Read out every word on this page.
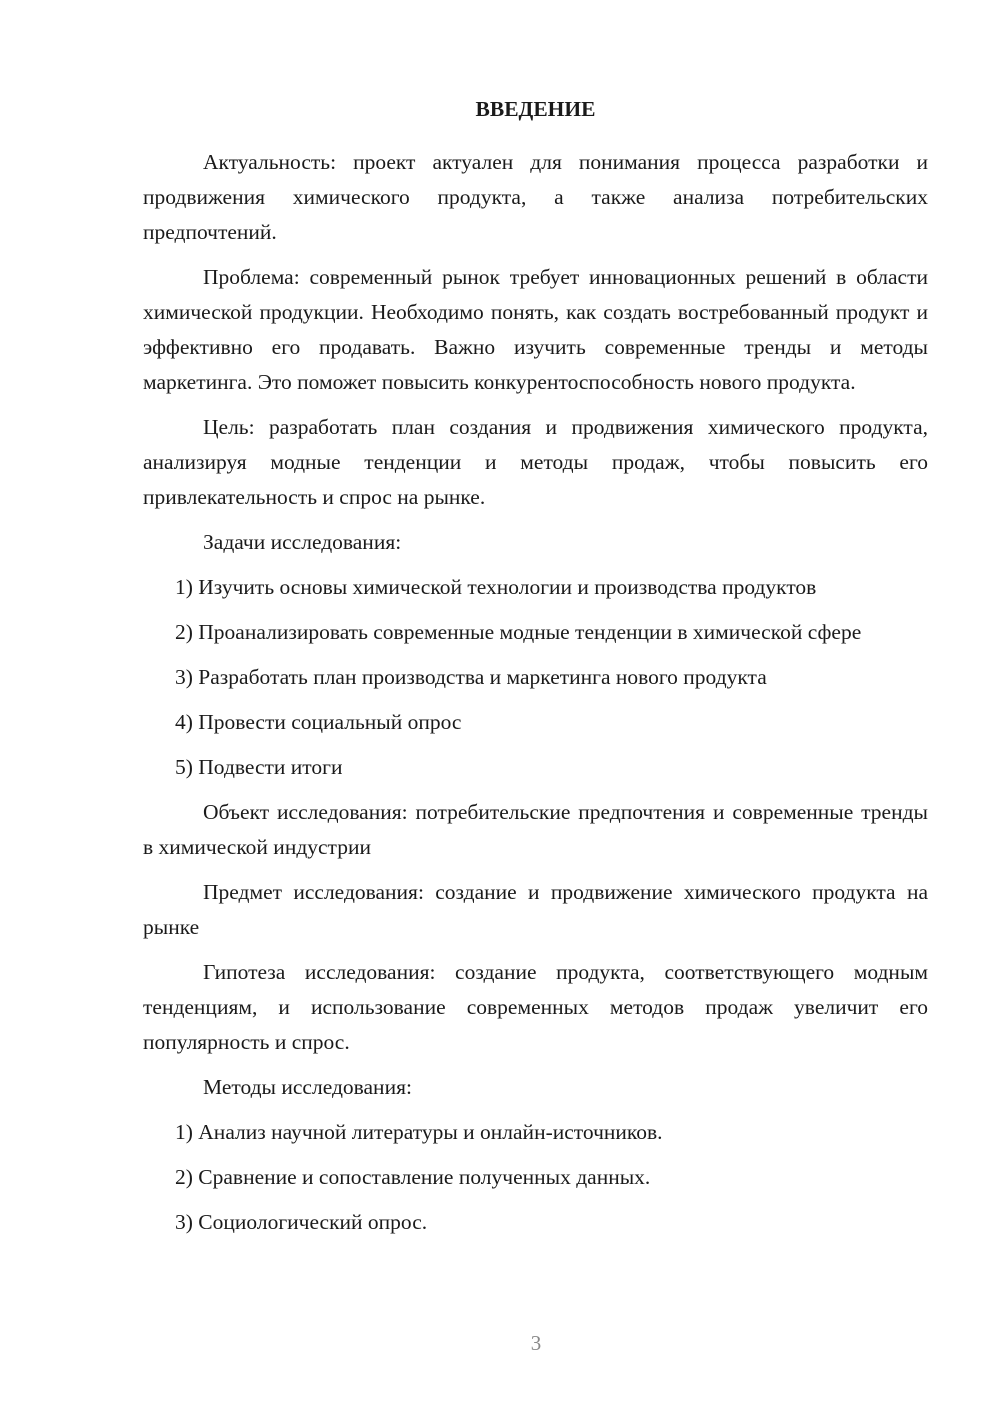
ВВЕДЕНИЕ

Актуальность: проект актуален для понимания процесса разработки и продвижения химического продукта, а также анализа потребительских предпочтений.

Проблема: современный рынок требует инновационных решений в области химической продукции. Необходимо понять, как создать востребованный продукт и эффективно его продавать. Важно изучить современные тренды и методы маркетинга. Это поможет повысить конкурентоспособность нового продукта.

Цель: разработать план создания и продвижения химического продукта, анализируя модные тенденции и методы продаж, чтобы повысить его привлекательность и спрос на рынке.

Задачи исследования:

1) Изучить основы химической технологии и производства продуктов

2) Проанализировать современные модные тенденции в химической сфере

3) Разработать план производства и маркетинга нового продукта

4) Провести социальный опрос

5) Подвести итоги

Объект исследования: потребительские предпочтения и современные тренды в химической индустрии

Предмет исследования: создание и продвижение химического продукта на рынке

Гипотеза исследования: создание продукта, соответствующего модным тенденциям, и использование современных методов продаж увеличит его популярность и спрос.

Методы исследования:

1) Анализ научной литературы и онлайн-источников.

2) Сравнение и сопоставление полученных данных.

3) Социологический опрос.

3
